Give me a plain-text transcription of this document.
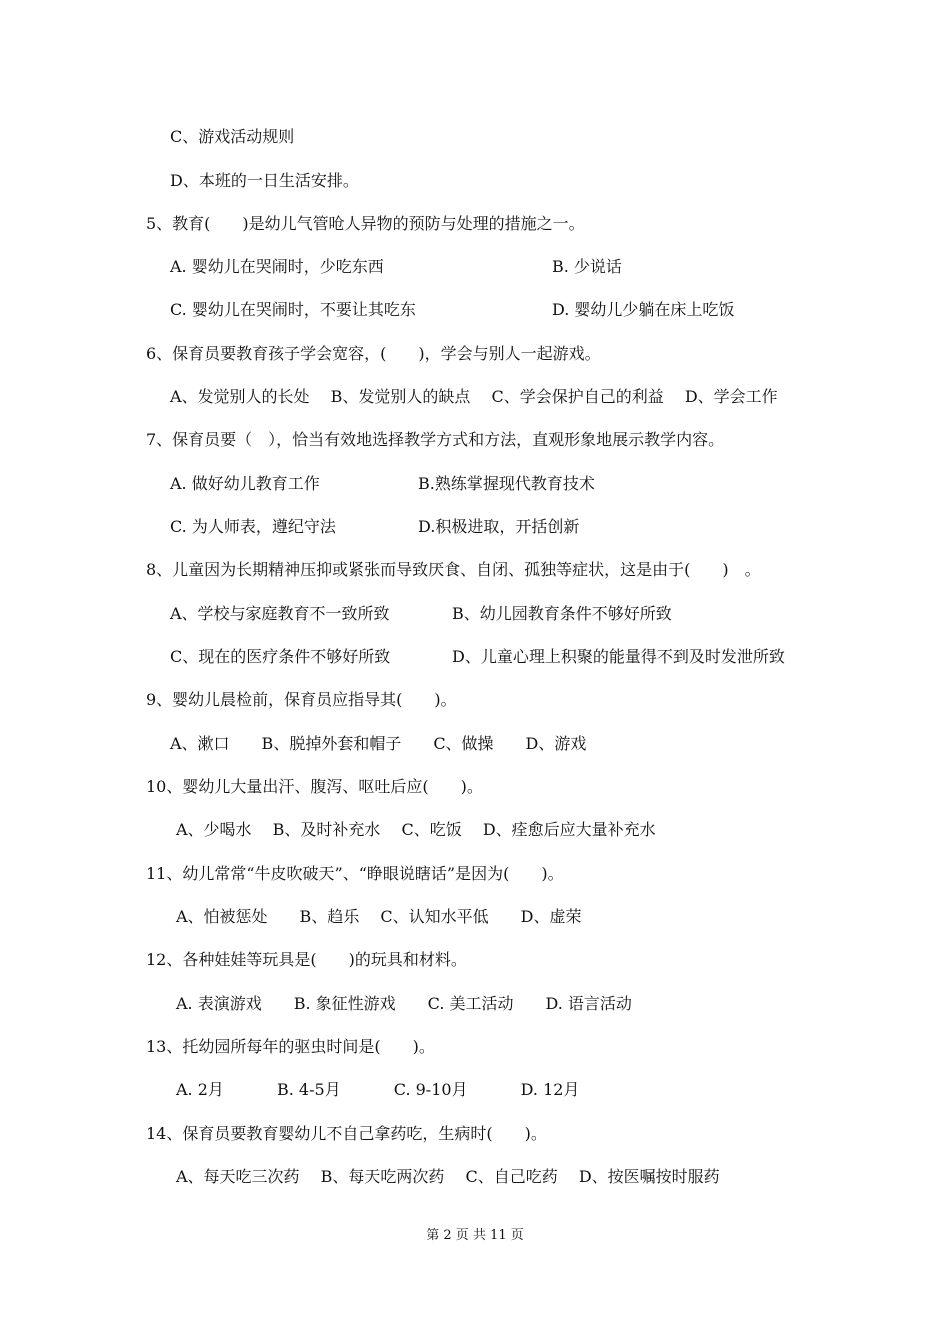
C、游戏活动规则
D、本班的一日生活安排。
5、教育(　　)是幼儿气管呛人异物的预防与处理的措施之一。
A. 婴幼儿在哭闹时，少吃东西	B. 少说话
C. 婴幼儿在哭闹时，不要让其吃东	D. 婴幼儿少躺在床上吃饭
6、保育员要教育孩子学会宽容，(　　)，学会与别人一起游戏。
A、发觉别人的长处　 B、发觉别人的缺点　 C、学会保护自己的利益　 D、学会工作
7、保育员要（　），恰当有效地选择教学方式和方法，直观形象地展示教学内容。
A. 做好幼儿教育工作	B.熟练掌握现代教育技术
C. 为人师表，遵纪守法	D.积极进取，开括创新
8、儿童因为长期精神压抑或紧张而导致厌食、自闭、孤独等症状，这是由于(　　)　。
A、学校与家庭教育不一致所致	B、幼儿园教育条件不够好所致
C、现在的医疗条件不够好所致	D、儿童心理上积聚的能量得不到及时发泄所致
9、婴幼儿晨检前，保育员应指导其(　　)。
A、漱口　　B、脱掉外套和帽子　　C、做操　　D、游戏
10、婴幼儿大量出汗、腹泻、呕吐后应(　　)。
A、少喝水　 B、及时补充水　 C、吃饭　 D、痊愈后应大量补充水
11、幼儿常常“牛皮吹破天”、“睁眼说瞎话”是因为(　　)。
A、怕被惩处　　B、趋乐　 C、认知水平低　　D、虚荣
12、各种娃娃等玩具是(　　)的玩具和材料。
A. 表演游戏　　B. 象征性游戏　　C. 美工活动　　D. 语言活动
13、托幼园所每年的驱虫时间是(　　)。
A. 2月　　　 B. 4-5月　　　 C. 9-10月　　　 D. 12月
14、保育员要教育婴幼儿不自己拿药吃，生病时(　　)。
A、每天吃三次药　 B、每天吃两次药　 C、自己吃药　 D、按医嘱按时服药
第 2 页 共 11 页
